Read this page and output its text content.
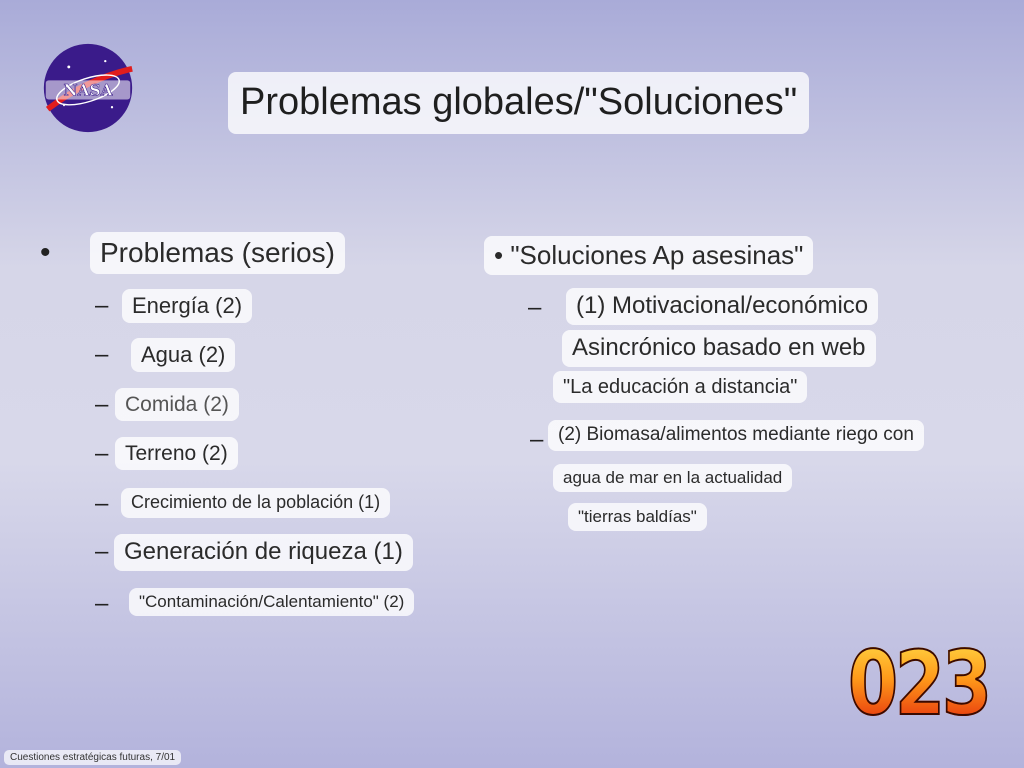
NASA	Problemas globales/"Soluciones"
•	Problemas (serios)
–	Energía (2)
–	Agua (2)
– Comida (2)
– Terreno (2)
–	Crecimiento de la población (1)
– Generación de riqueza (1)
–	"Contaminación/Calentamiento" (2)
• "Soluciones Ap asesinas"
–	(1) Motivacional/económico
Asincrónico basado en web
"La educación a distancia"
– (2) Biomasa/alimentos mediante riego con
agua de mar en la actualidad
"tierras baldías"
023
Cuestiones estratégicas futuras, 7/01
